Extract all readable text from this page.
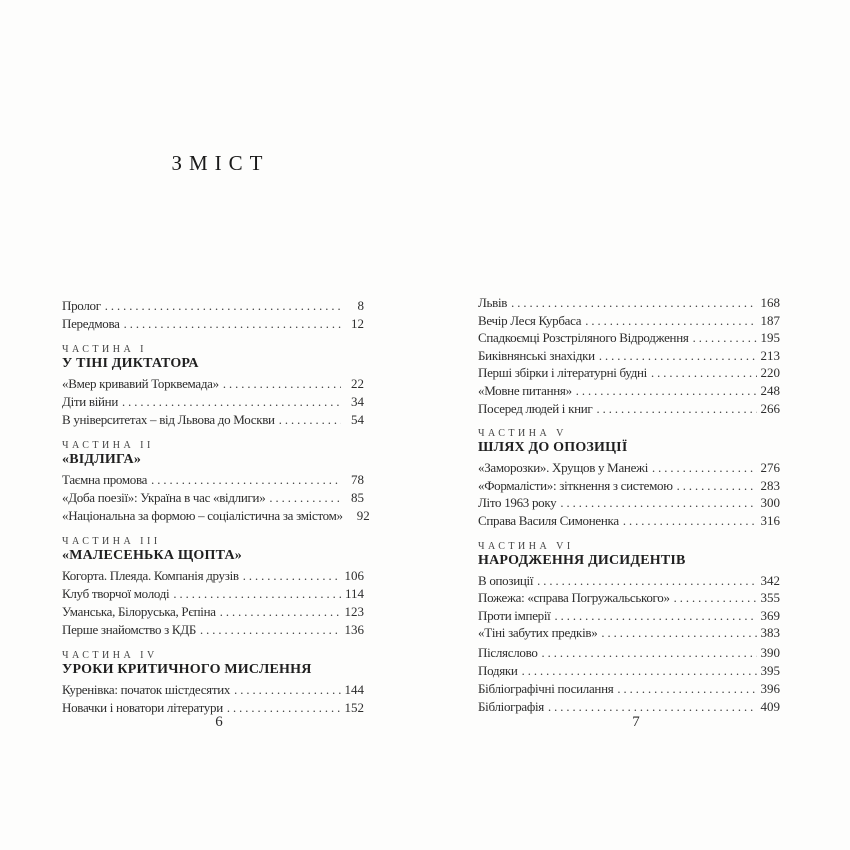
ЗМІСТ
Пролог .....	8
Передмова .....	12
ЧАСТИНА I
У ТІНІ ДИКТАТОРА
«Вмер кривавий Торквемада» .....	22
Діти війни .....	34
В університетах – від Львова до Москви .....	54
ЧАСТИНА II
«ВІДЛИГА»
Таємна промова .....	78
«Доба поезії»: Україна в час «відлиги» .....	85
«Національна за формою – соціалістична за змістом»	92
ЧАСТИНА III
«МАЛЕСЕНЬКА ЩОПТА»
Когорта. Плеяда. Компанія друзів .....	106
Клуб творчої молоді .....	114
Уманська, Білоруська, Рєпіна .....	123
Перше знайомство з КДБ .....	136
ЧАСТИНА IV
УРОКИ КРИТИЧНОГО МИСЛЕННЯ
Куренівка: початок шістдесятих .....	144
Новачки і новатори літератури .....	152
Львів .....	168
Вечір Леся Курбаса .....	187
Спадкоємці Розстріляного Відродження .....	195
Биківнянські знахідки .....	213
Перші збірки і літературні будні .....	220
«Мовне питання» .....	248
Посеред людей і книг .....	266
ЧАСТИНА V
ШЛЯХ ДО ОПОЗИЦІЇ
«Заморозки». Хрущов у Манежі .....	276
«Формалісти»: зіткнення з системою .....	283
Літо 1963 року .....	300
Справа Василя Симоненка .....	316
ЧАСТИНА VI
НАРОДЖЕННЯ ДИСИДЕНТІВ
В опозиції .....	342
Пожежа: «справа Погружальського» .....	355
Проти імперії .....	369
«Тіні забутих предків» .....	383
Післяслово .....	390
Подяки .....	395
Бібліографічні посилання .....	396
Бібліографія .....	409
6	7
